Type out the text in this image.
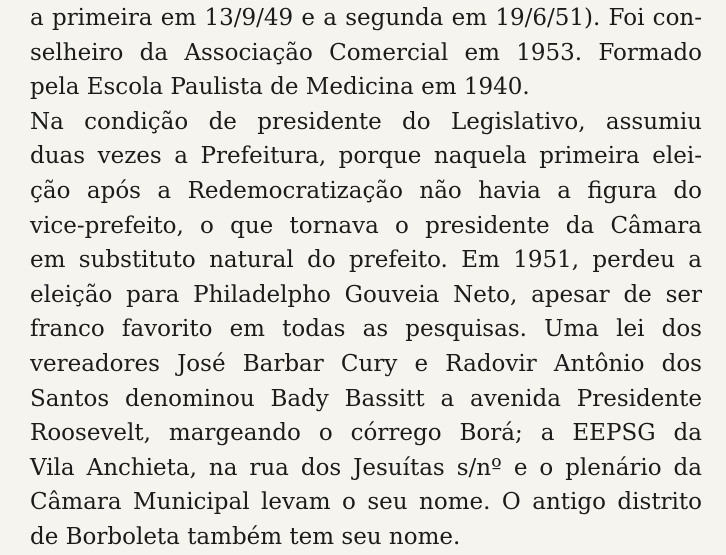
a primeira em 13/9/49 e a segunda em 19/6/51). Foi con-
selheiro da Associação Comercial em 1953. Formado
pela Escola Paulista de Medicina em 1940.
Na condição de presidente do Legislativo, assumiu
duas vezes a Prefeitura, porque naquela primeira elei-
ção após a Redemocratização não havia a figura do
vice-prefeito, o que tornava o presidente da Câmara
em substituto natural do prefeito. Em 1951, perdeu a
eleição para Philadelpho Gouveia Neto, apesar de ser
franco favorito em todas as pesquisas. Uma lei dos
vereadores José Barbar Cury e Radovir Antônio dos
Santos denominou Bady Bassitt a avenida Presidente
Roosevelt, margeando o córrego Borá; a EEPSG da
Vila Anchieta, na rua dos Jesuítas s/nº e o plenário da
Câmara Municipal levam o seu nome. O antigo distrito
de Borboleta também tem seu nome.
